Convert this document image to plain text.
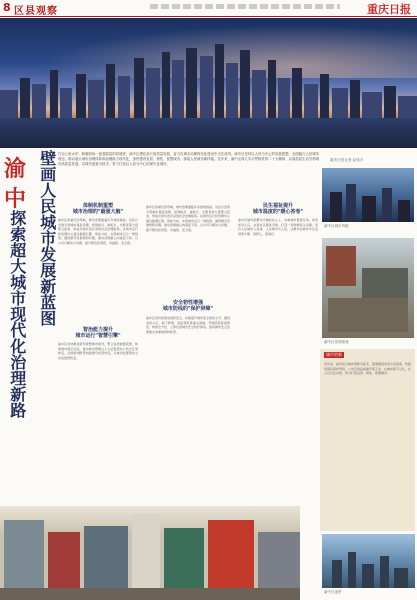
8 区县观察	重庆日报
渝
中 壁画人民城市发展新蓝图
探索超大城市现代化治理新路
在百公里水岸、跨越机场一座超高层的旧城里，渝中区勇往前行高质量发展，奋力在城市治理现代化建设中走在前列。渝中区坚持以人民为中心的发展思想，全面践行人民城市理念，推动超大城市治理体系和治理能力现代化，加快建设宜居、韧性、智慧城市，探索人民城市新样板。近年来，渝中区深入学习贯彻党的二十大精神，以高品质生活引领城市高质量发展，以城市更新为抓手，努力打造以人民为中心的现代化城市。
重庆日报记者 赵伟平
体制机制重塑
城市治理的"最强大脑"
渝中区是重庆的母城，城市治理面临许多独特挑战。该区以党建引领城市基层治理，把网格员、楼栋长、志愿者等力量整合起来，形成共建共治共享的社会治理格局。区城市运行和治理中心通过数据汇聚、智能分析，实现城市运行一网统管。围绕群众急难愁盼问题，推动治理重心向基层下移，以小切口解决大问题，提升群众获得感、幸福感、安全感。
智治能力提升
城市运行"智慧引擎"
渝中区加快推进新型智慧城市建设，整合各类数据资源，构建城市数字底座，推动城市管理从人力密集型向人机交互型转变，从经验判断型向数据分析型转变，从被动处置型向主动发现型转变。
渝中区是重庆的母城，城市治理面临许多独特挑战。该区以党建引领城市基层治理，把网格员、楼栋长、志愿者等力量整合起来，形成共建共治共享的社会治理格局。区城市运行和治理中心通过数据汇聚、智能分析，实现城市运行一网统管。围绕群众急难愁盼问题，推动治理重心向基层下移，以小切口解决大问题，提升群众获得感、幸福感、安全感。
安全韧性增强
城市防线的"保护屏障"
渝中区坚持统筹发展和安全，持续提升城市安全韧性水平。围绕老旧小区、地下管网、高层建筑等重点领域，开展隐患排查整治，构建全方位、立体化的城市安全防护体系，推动城市安全治理模式向事前预防转型。
民生福祉提升
城市温度的"暖心答卷"
渝中区始终把群众冷暖放在心上，实施城市更新行动，改造老旧小区，完善社区服务设施，打造一刻钟便民生活圈。坚持人民城市人民建、人民城市为人民，让群众在城市中生活得更方便、更舒心、更美好。
渝中区城市风貌
渝中区老城街巷
城市更新
近年来，渝中区以城市更新为抓手，统筹推进老旧小区改造、传统风貌区保护利用、公共空间品质提升等工作，让城市留下记忆，让人们记住乡愁，努力打造宜居、韧性、智慧城市。
渝中区夜景
